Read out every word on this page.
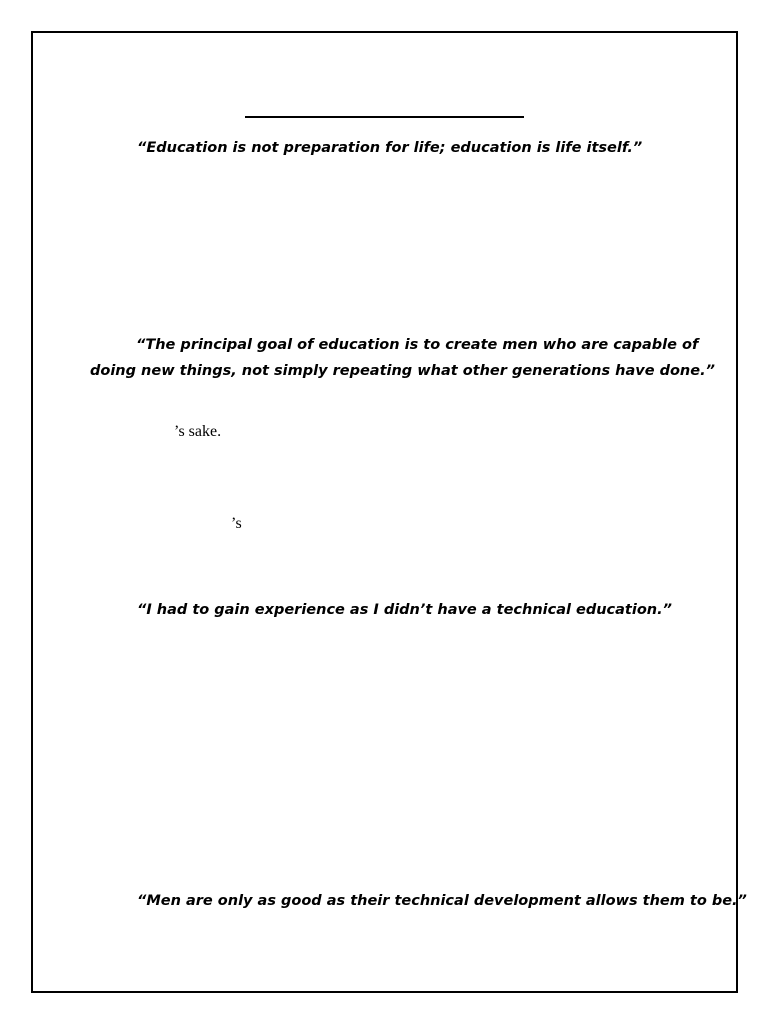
“Education is not preparation for life; education is life itself.”
“The principal goal of education is to create men who are capable of
doing new things, not simply repeating what other generations have done.”
’s sake.
’s
“I had to gain experience as I didn’t have a technical education.”
“Men are only as good as their technical development allows them to be.”
